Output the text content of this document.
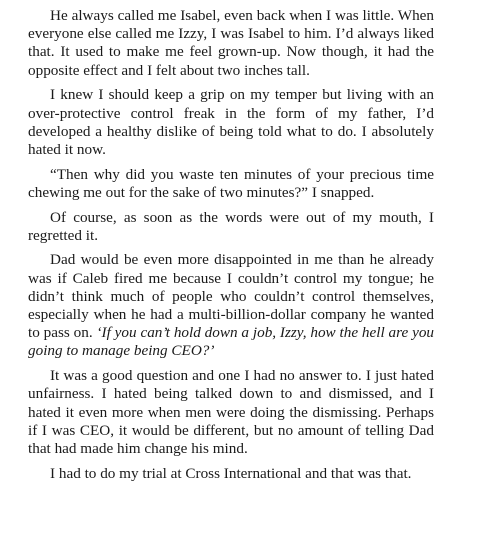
He always called me Isabel, even back when I was little. When everyone else called me Izzy, I was Isabel to him. I’d always liked that. It used to make me feel grown-up. Now though, it had the opposite effect and I felt about two inches tall.

I knew I should keep a grip on my temper but living with an over-protective control freak in the form of my father, I’d developed a healthy dislike of being told what to do. I absolutely hated it now.

“Then why did you waste ten minutes of your precious time chewing me out for the sake of two minutes?” I snapped.

Of course, as soon as the words were out of my mouth, I regretted it.

Dad would be even more disappointed in me than he already was if Caleb fired me because I couldn’t control my tongue; he didn’t think much of people who couldn’t control themselves, especially when he had a multi-billion-dollar company he wanted to pass on. ‘If you can’t hold down a job, Izzy, how the hell are you going to manage being CEO?’

It was a good question and one I had no answer to. I just hated unfairness. I hated being talked down to and dismissed, and I hated it even more when men were doing the dismissing. Perhaps if I was CEO, it would be different, but no amount of telling Dad that had made him change his mind.

I had to do my trial at Cross International and that was that.
